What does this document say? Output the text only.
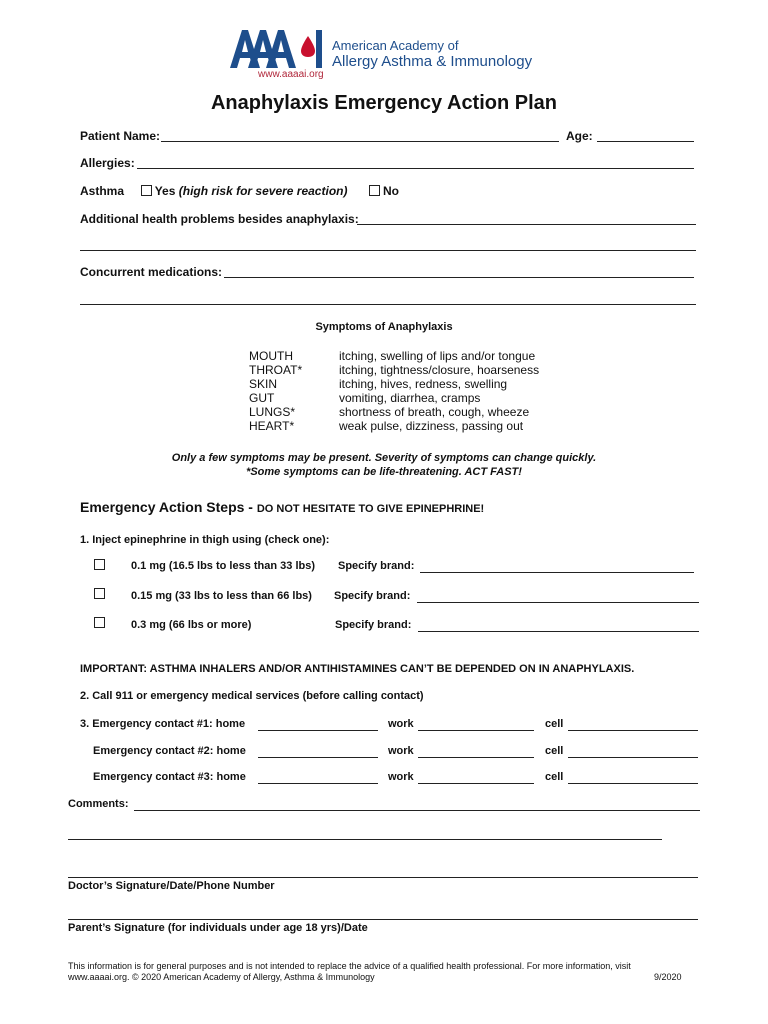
American Academy of
Allergy Asthma & Immunology
www.aaaai.org
Anaphylaxis Emergency Action Plan
Patient Name:	Age:
Allergies:
Asthma	Yes (high risk for severe reaction)	No
Additional health problems besides anaphylaxis:
Concurrent medications:
Symptoms of Anaphylaxis
MOUTH	itching, swelling of lips and/or tongue
THROAT*	itching, tightness/closure, hoarseness
SKIN	itching, hives, redness, swelling
GUT	vomiting, diarrhea, cramps
LUNGS*	shortness of breath, cough, wheeze
HEART*	weak pulse, dizziness, passing out
Only a few symptoms may be present. Severity of symptoms can change quickly.
*Some symptoms can be life-threatening. ACT FAST!
Emergency Action Steps - DO NOT HESITATE TO GIVE EPINEPHRINE!
1. Inject epinephrine in thigh using (check one):
0.1 mg (16.5 lbs to less than 33 lbs) Specify brand:
0.15 mg (33 lbs to less than 66 lbs) Specify brand:
0.3 mg (66 lbs or more)	Specify brand:
IMPORTANT: ASTHMA INHALERS AND/OR ANTIHISTAMINES CAN’T BE DEPENDED ON IN ANAPHYLAXIS.
2. Call 911 or emergency medical services (before calling contact)
3. Emergency contact #1: home	work	cell
Emergency contact #2: home	work	cell
Emergency contact #3: home	work	cell
Comments:
Doctor’s Signature/Date/Phone Number
Parent’s Signature (for individuals under age 18 yrs)/Date
This information is for general purposes and is not intended to replace the advice of a qualified health professional. For more information, visit
www.aaaai.org. © 2020 American Academy of Allergy, Asthma & Immunology	9/2020
